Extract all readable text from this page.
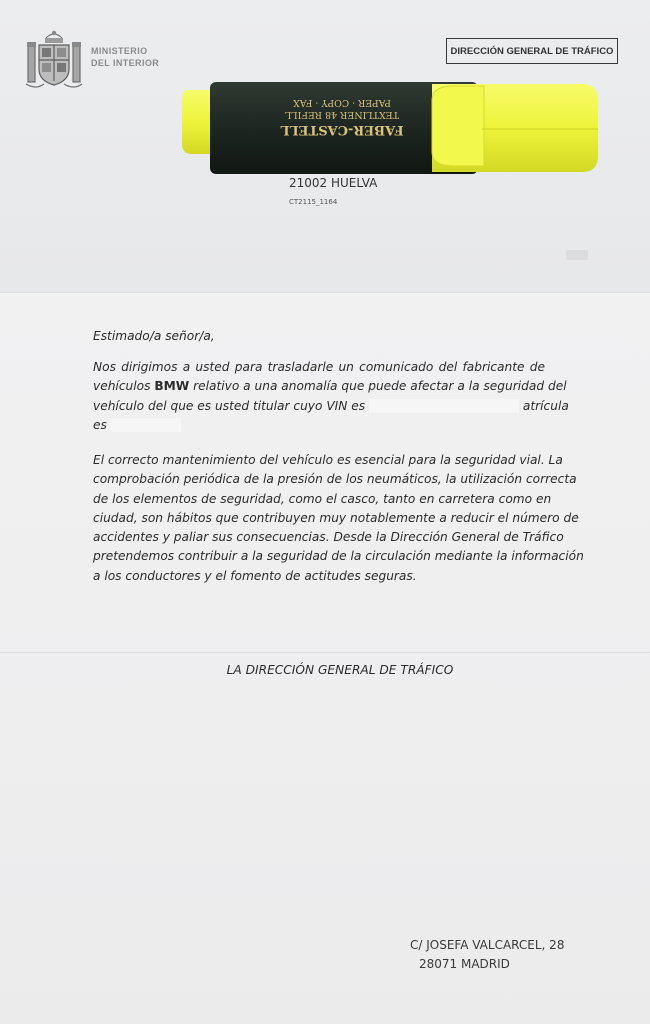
MINISTERIO
DEL INTERIOR
DIRECCIÓN GENERAL DE TRÁFICO
21002 HUELVA
CT2115_1164
FABER-CASTELL
TEXTLINER 48 REFILL
PAPER · COPY · FAX
Estimado/a señor/a,
Nos dirigimos a usted para trasladarle un comunicado del fabricante de
vehículos BMW relativo a una anomalía que puede afectar a la seguridad del
vehículo del que es usted titular cuyo VIN es	atrícula
es
El correcto mantenimiento del vehículo es esencial para la seguridad vial. La
comprobación periódica de la presión de los neumáticos, la utilización correcta
de los elementos de seguridad, como el casco, tanto en carretera como en
ciudad, son hábitos que contribuyen muy notablemente a reducir el número de
accidentes y paliar sus consecuencias. Desde la Dirección General de Tráfico
pretendemos contribuir a la seguridad de la circulación mediante la información
a los conductores y el fomento de actitudes seguras.
LA DIRECCIÓN GENERAL DE TRÁFICO
C/ JOSEFA VALCARCEL, 28
28071 MADRID
